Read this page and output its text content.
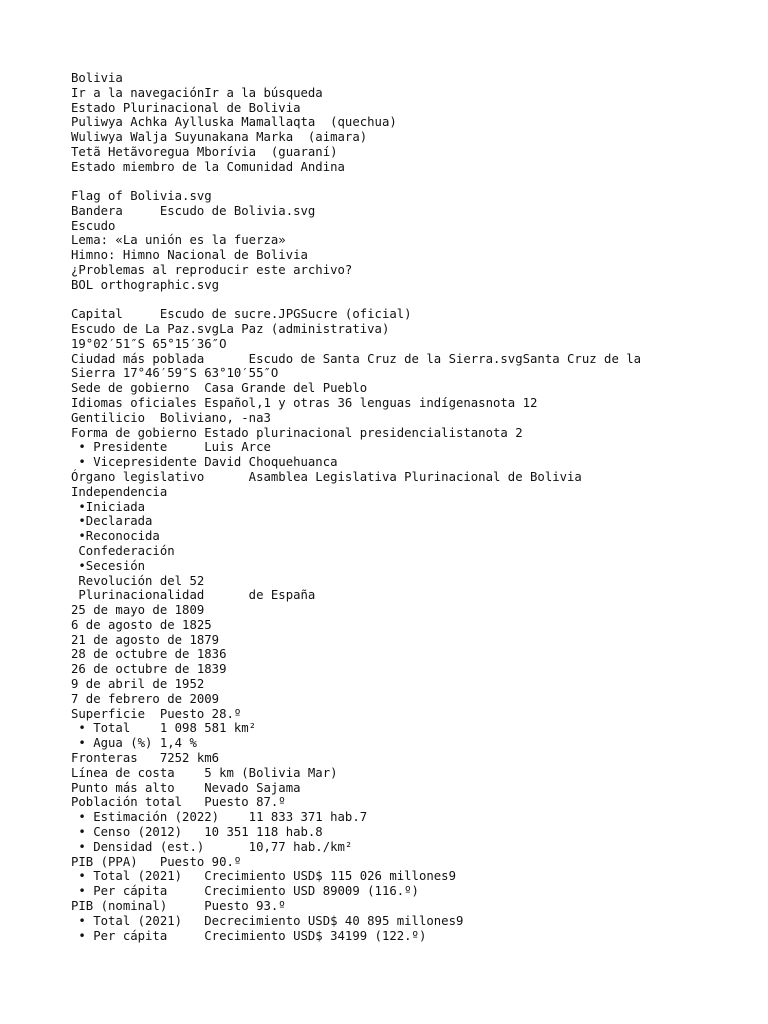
Bolivia
Ir a la navegaciónIr a la búsqueda
Estado Plurinacional de Bolivia
Puliwya Achka Aylluska Mamallaqta  (quechua)
Wuliwya Walja Suyunakana Marka  (aimara)
Tetã Hetãvoregua Mborívia  (guaraní)
Estado miembro de la Comunidad Andina
Flag of Bolivia.svg
Bandera     Escudo de Bolivia.svg
Escudo
Lema: «La unión es la fuerza»
Himno: Himno Nacional de Bolivia
¿Problemas al reproducir este archivo?
BOL orthographic.svg
Capital     Escudo de sucre.JPGSucre (oficial)
Escudo de La Paz.svgLa Paz (administrativa)
19°02′51″S 65°15′36″O
Ciudad más poblada      Escudo de Santa Cruz de la Sierra.svgSanta Cruz de la
Sierra 17°46′59″S 63°10′55″O
Sede de gobierno  Casa Grande del Pueblo
Idiomas oficiales Español,1 y otras 36 lenguas indígenasnota 12
Gentilicio  Boliviano, -na3
Forma de gobierno Estado plurinacional presidencialistanota 2
• Presidente     Luis Arce
• Vicepresidente David Choquehuanca
Órgano legislativo      Asamblea Legislativa Plurinacional de Bolivia
Independencia
•Iniciada
•Declarada
•Reconocida
Confederación
•Secesión
Revolución del 52
Plurinacionalidad      de España
25 de mayo de 1809
6 de agosto de 1825
21 de agosto de 1879
28 de octubre de 1836
26 de octubre de 1839
9 de abril de 1952
7 de febrero de 2009
Superficie  Puesto 28.º
• Total    1 098 581 km²
• Agua (%) 1,4 %
Fronteras   7252 km6
Línea de costa    5 km (Bolivia Mar)
Punto más alto    Nevado Sajama
Población total   Puesto 87.º
• Estimación (2022)    11 833 371 hab.7
• Censo (2012)   10 351 118 hab.8
• Densidad (est.)      10,77 hab./km²
PIB (PPA)   Puesto 90.º
• Total (2021)   Crecimiento USD$ 115 026 millones9
• Per cápita     Crecimiento USD 89009 (116.º)
PIB (nominal)     Puesto 93.º
• Total (2021)   Decrecimiento USD$ 40 895 millones9
• Per cápita     Crecimiento USD$ 34199 (122.º)
